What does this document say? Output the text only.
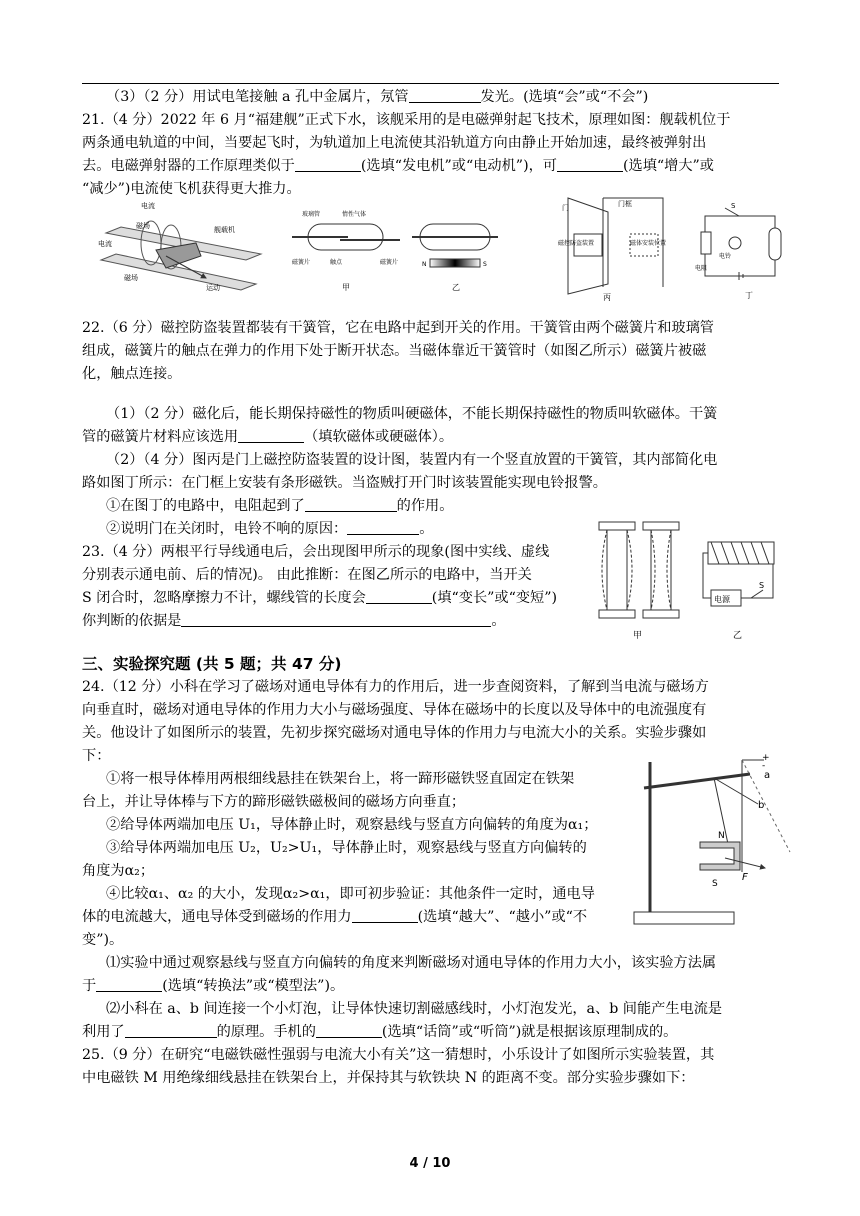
（3）（2 分）用试电笔接触 a 孔中金属片，氖管	发光。(选填“会”或“不会”)
21.（4 分）2022 年 6 月“福建舰”正式下水，该舰采用的是电磁弹射起飞技术，原理如图：舰载机位于
两条通电轨道的中间，当要起飞时，为轨道加上电流使其沿轨道方向由静止开始加速，最终被弹射出
去。电磁弹射器的工作原理类似于	(选填“发电机”或“电动机”)，可	(选填“增大”或
“减少”)电流使飞机获得更大推力。
电流
磁场	舰载机
电流
磁场
运动
玻璃管	惰性气体
触点
磁簧片	磁簧片
甲
N	S
乙
门	门框
磁控防盗装置	磁体安装位置
丙
S
电阻
电铃
丁
22.（6 分）磁控防盗装置都装有干簧管，它在电路中起到开关的作用。干簧管由两个磁簧片和玻璃管
组成，磁簧片的触点在弹力的作用下处于断开状态。当磁体靠近干簧管时（如图乙所示）磁簧片被磁
化，触点连接。
（1）（2 分）磁化后，能长期保持磁性的物质叫硬磁体，不能长期保持磁性的物质叫软磁体。干簧
管的磁簧片材料应该选用	（填软磁体或硬磁体）。
（2）（4 分）图丙是门上磁控防盗装置的设计图，装置内有一个竖直放置的干簧管，其内部简化电
路如图丁所示：在门框上安装有条形磁铁。当盗贼打开门时该装置能实现电铃报警。
①在图丁的电路中，电阻起到了	的作用。
②说明门在关闭时，电铃不响的原因：	。
23.（4 分）两根平行导线通电后，会出现图甲所示的现象(图中实线、虚线
分别表示通电前、后的情况)。 由此推断：在图乙所示的电路中，当开关
S 闭合时，忽略摩擦力不计，螺线管的长度会	(填“变长”或“变短”)
你判断的依据是	。
甲
电源
S
乙
三、实验探究题 (共 5 题；共 47 分)
24.（12 分）小科在学习了磁场对通电导体有力的作用后，进一步查阅资料，了解到当电流与磁场方
向垂直时，磁场对通电导体的作用力大小与磁场强度、导体在磁场中的长度以及导体中的电流强度有
关。他设计了如图所示的装置，先初步探究磁场对通电导体的作用力与电流大小的关系。实验步骤如
下：
①将一根导体棒用两根细线悬挂在铁架台上，将一蹄形磁铁竖直固定在铁架
台上，并让导体棒与下方的蹄形磁铁磁极间的磁场方向垂直；
②给导体两端加电压 U₁，导体静止时，观察悬线与竖直方向偏转的角度为α₁；
③给导体两端加电压 U₂，U₂>U₁，导体静止时，观察悬线与竖直方向偏转的
角度为α₂；
④比较α₁、α₂ 的大小，发现α₂>α₁，即可初步验证：其他条件一定时，通电导
体的电流越大，通电导体受到磁场的作用力	(选填“越大”、“越小”或“不
变”)。
⑴实验中通过观察悬线与竖直方向偏转的角度来判断磁场对通电导体的作用力大小，该实验方法属
于	(选填“转换法”或“模型法”)。
⑵小科在 a、b 间连接一个小灯泡，让导体快速切割磁感线时，小灯泡发光，a、b 间能产生电流是
利用了	的原理。手机的	(选填“话筒”或“听筒”)就是根据该原理制成的。
+
-
a
b
N
S
F
25.（9 分）在研究“电磁铁磁性强弱与电流大小有关”这一猜想时，小乐设计了如图所示实验装置，其
中电磁铁 M 用绝缘细线悬挂在铁架台上，并保持其与软铁块 N 的距离不变。部分实验步骤如下：
4 / 10
